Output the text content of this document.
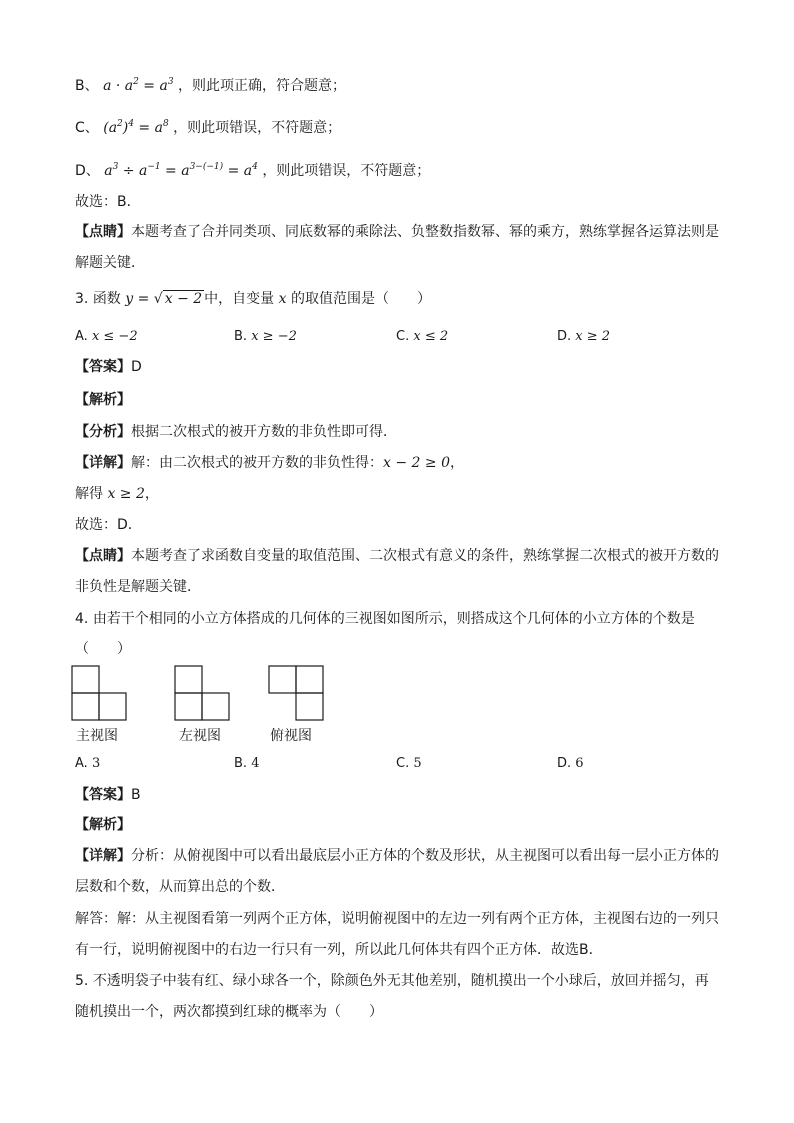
B、 $a \cdot a^2 = a^3$ ，则此项正确，符合题意；
C、 $(a^2)^4 = a^8$ ，则此项错误，不符题意；
D、 $a^3 \div a^{-1} = a^{3-(-1)} = a^4$ ，则此项错误，不符题意；
故选：B．
【点睛】本题考查了合并同类项、同底数幂的乘除法、负整数指数幂、幂的乘方，熟练掌握各运算法则是解题关键．
3. 函数 y = √ x − 2 中，自变量 x 的取值范围是（　　）
A. x ≤ −2	B. x ≥ −2	C. x ≤ 2	D. x ≥ 2
【答案】D
【解析】
【分析】根据二次根式的被开方数的非负性即可得．
【详解】解：由二次根式的被开方数的非负性得：x − 2 ≥ 0，
解得 x ≥ 2，
故选：D．
【点睛】本题考查了求函数自变量的取值范围、二次根式有意义的条件，熟练掌握二次根式的被开方数的非负性是解题关键．
4. 由若干个相同的小立方体搭成的几何体的三视图如图所示，则搭成这个几何体的小立方体的个数是
（　　）
主视图	左视图	俯视图
A. 3	B. 4	C. 5	D. 6
【答案】B
【解析】
【详解】分析：从俯视图中可以看出最底层小正方体的个数及形状，从主视图可以看出每一层小正方体的层数和个数，从而算出总的个数．
解答：解：从主视图看第一列两个正方体，说明俯视图中的左边一列有两个正方体，主视图右边的一列只有一行，说明俯视图中的右边一行只有一列，所以此几何体共有四个正方体．故选B．
5. 不透明袋子中装有红、绿小球各一个，除颜色外无其他差别，随机摸出一个小球后，放回并摇匀，再随机摸出一个，两次都摸到红球的概率为（　　）
